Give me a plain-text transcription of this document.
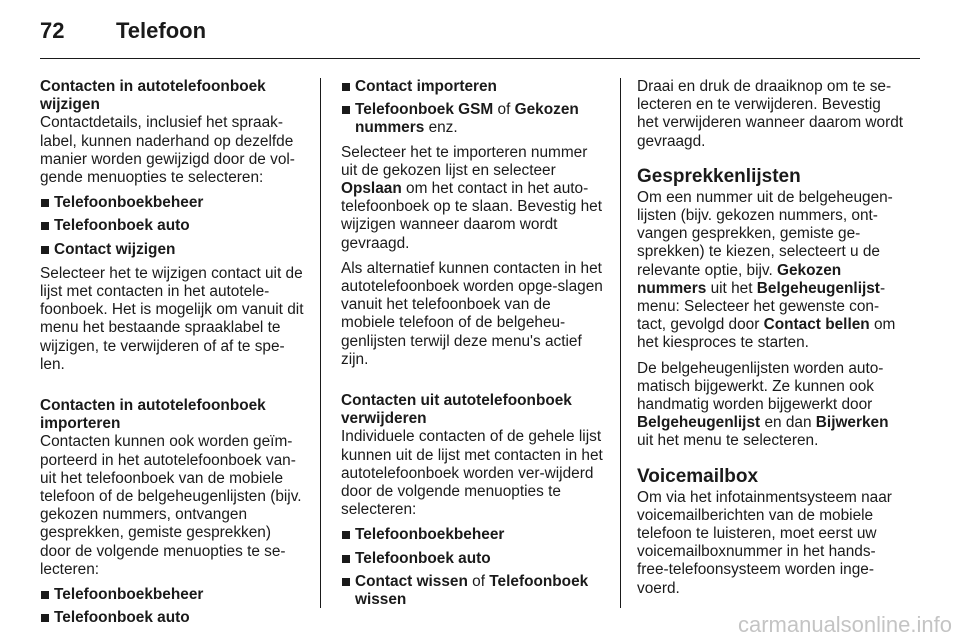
72 Telefoon

Contacten in autotelefoonboek wijzigen

Contactdetails, inclusief het spraak-label, kunnen naderhand op dezelfde manier worden gewijzigd door de vol-gende menuopties te selecteren:

Telefoonboekbeheer
Telefoonboek auto
Contact wijzigen

Selecteer het te wijzigen contact uit de lijst met contacten in het autotele-foonboek. Het is mogelijk om vanuit dit menu het bestaande spraaklabel te wijzigen, te verwijderen of af te spe-len.

Contacten in autotelefoonboek importeren

Contacten kunnen ook worden geïm-porteerd in het autotelefoonboek van-uit het telefoonboek van de mobiele telefoon of de belgeheugenlijsten (bijv. gekozen nummers, ontvangen gesprekken, gemiste gesprekken) door de volgende menuopties te se-lecteren:

Telefoonboekbeheer
Telefoonboek auto
Contact importeren
Telefoonboek GSM of Gekozen nummers enz.

Selecteer het te importeren nummer uit de gekozen lijst en selecteer Opslaan om het contact in het auto-telefoonboek op te slaan. Bevestig het wijzigen wanneer daarom wordt gevraagd.

Als alternatief kunnen contacten in het autotelefoonboek worden opge-slagen vanuit het telefoonboek van de mobiele telefoon of de belgeheu-genlijsten terwijl deze menu's actief zijn.

Contacten uit autotelefoonboek verwijderen

Individuele contacten of de gehele lijst kunnen uit de lijst met contacten in het autotelefoonboek worden ver-wijderd door de volgende menuopties te selecteren:

Telefoonboekbeheer
Telefoonboek auto
Contact wissen of Telefoonboek wissen

Draai en druk de draaiknop om te se-lecteren en te verwijderen. Bevestig het verwijderen wanneer daarom wordt gevraagd.

Gesprekkenlijsten

Om een nummer uit de belgeheugen-lijsten (bijv. gekozen nummers, ont-vangen gesprekken, gemiste ge-sprekken) te kiezen, selecteert u de relevante optie, bijv. Gekozen nummers uit het Belgeheugenlijst-menu: Selecteer het gewenste con-tact, gevolgd door Contact bellen om het kiesproces te starten.

De belgeheugenlijsten worden auto-matisch bijgewerkt. Ze kunnen ook handmatig worden bijgewerkt door Belgeheugenlijst en dan Bijwerken uit het menu te selecteren.

Voicemailbox

Om via het infotainmentsysteem naar voicemailberichten van de mobiele telefoon te luisteren, moet eerst uw voicemailboxnummer in het hands-free-telefoonsysteem worden inge-voerd.

carmanualsonline.info
